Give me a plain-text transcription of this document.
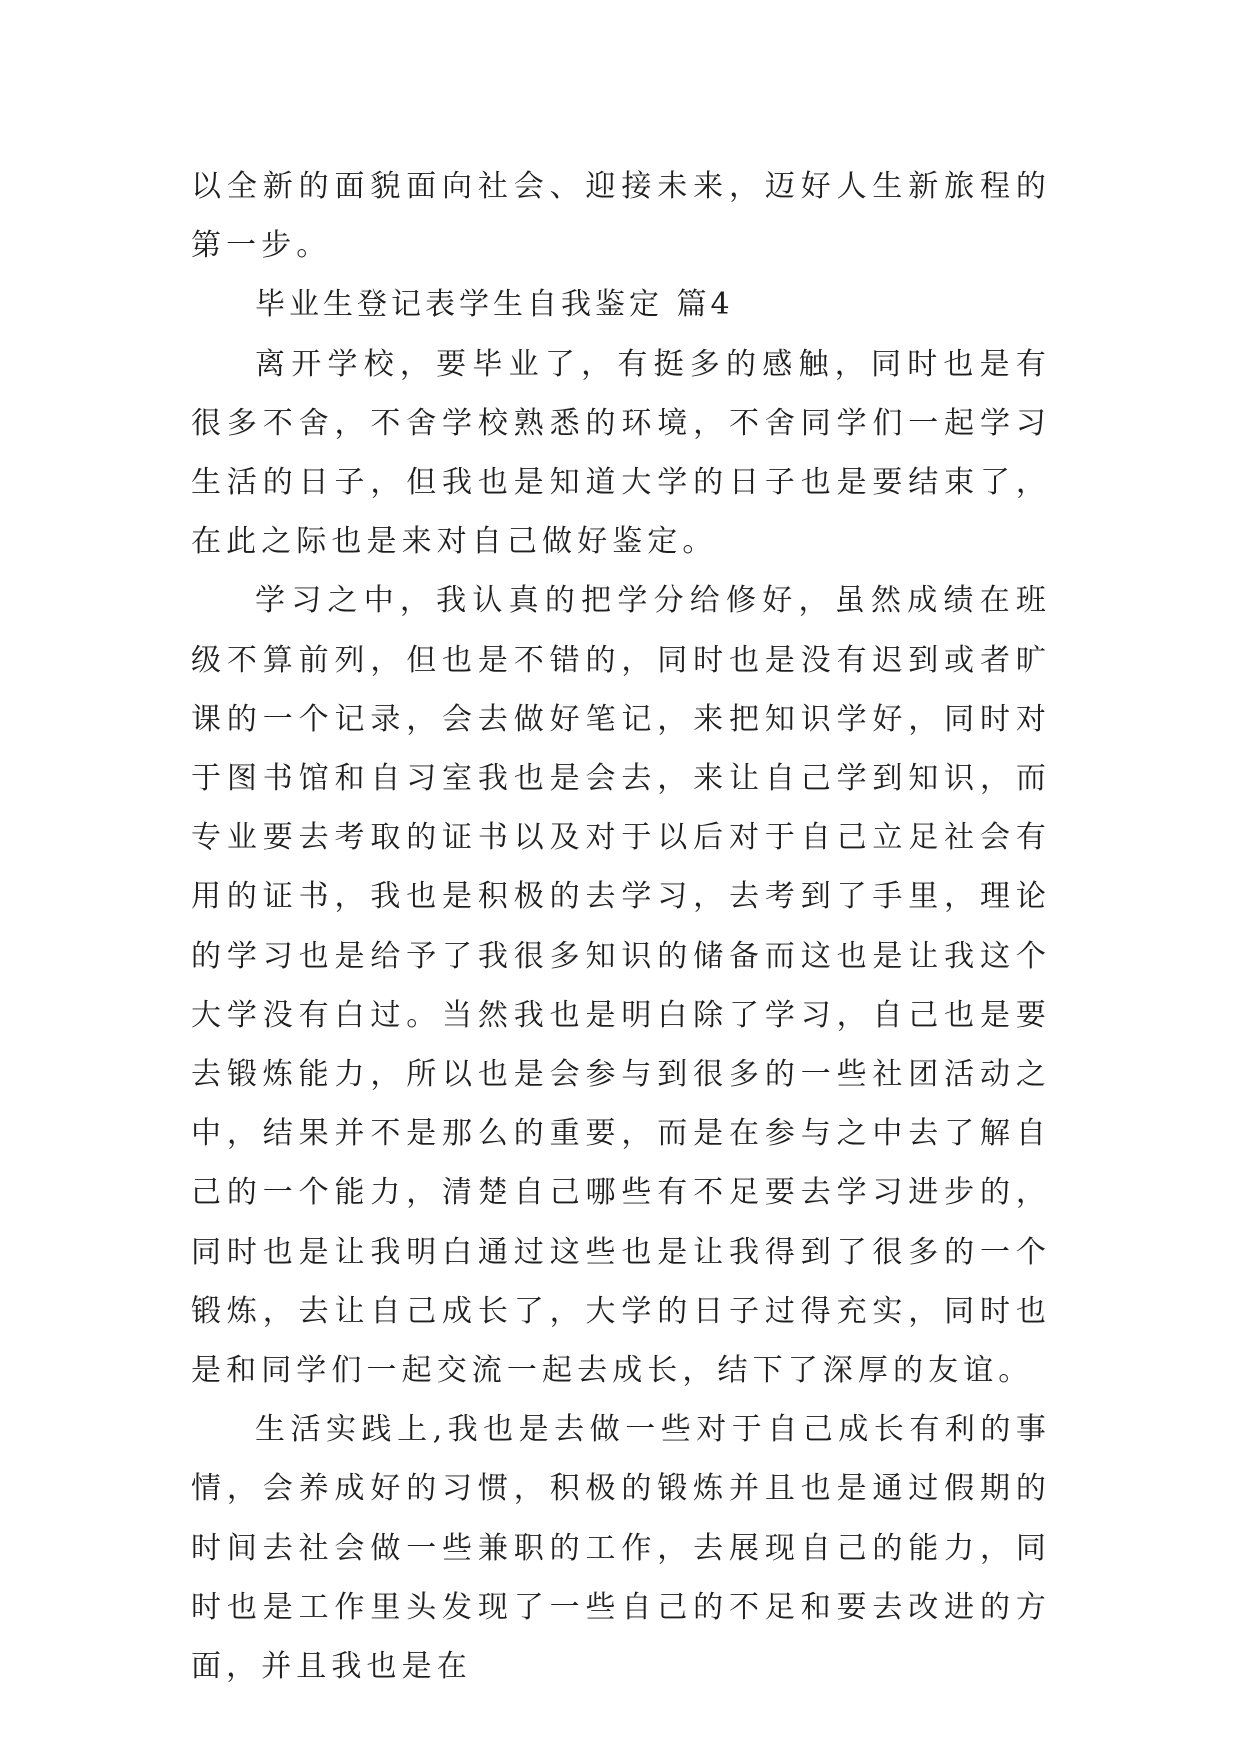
以全新的面貌面向社会、迎接未来，迈好人生新旅程的第一步。

毕业生登记表学生自我鉴定 篇4

离开学校，要毕业了，有挺多的感触，同时也是有很多不舍，不舍学校熟悉的环境，不舍同学们一起学习生活的日子，但我也是知道大学的日子也是要结束了，在此之际也是来对自己做好鉴定。

学习之中，我认真的把学分给修好，虽然成绩在班级不算前列，但也是不错的，同时也是没有迟到或者旷课的一个记录，会去做好笔记，来把知识学好，同时对于图书馆和自习室我也是会去，来让自己学到知识，而专业要去考取的证书以及对于以后对于自己立足社会有用的证书，我也是积极的去学习，去考到了手里，理论的学习也是给予了我很多知识的储备而这也是让我这个大学没有白过。当然我也是明白除了学习，自己也是要去锻炼能力，所以也是会参与到很多的一些社团活动之中，结果并不是那么的重要，而是在参与之中去了解自己的一个能力，清楚自己哪些有不足要去学习进步的，同时也是让我明白通过这些也是让我得到了很多的一个锻炼，去让自己成长了，大学的日子过得充实，同时也是和同学们一起交流一起去成长，结下了深厚的友谊。

生活实践上,我也是去做一些对于自己成长有利的事情，会养成好的习惯，积极的锻炼并且也是通过假期的时间去社会做一些兼职的工作，去展现自己的能力，同时也是工作里头发现了一些自己的不足和要去改进的方面，并且我也是在
